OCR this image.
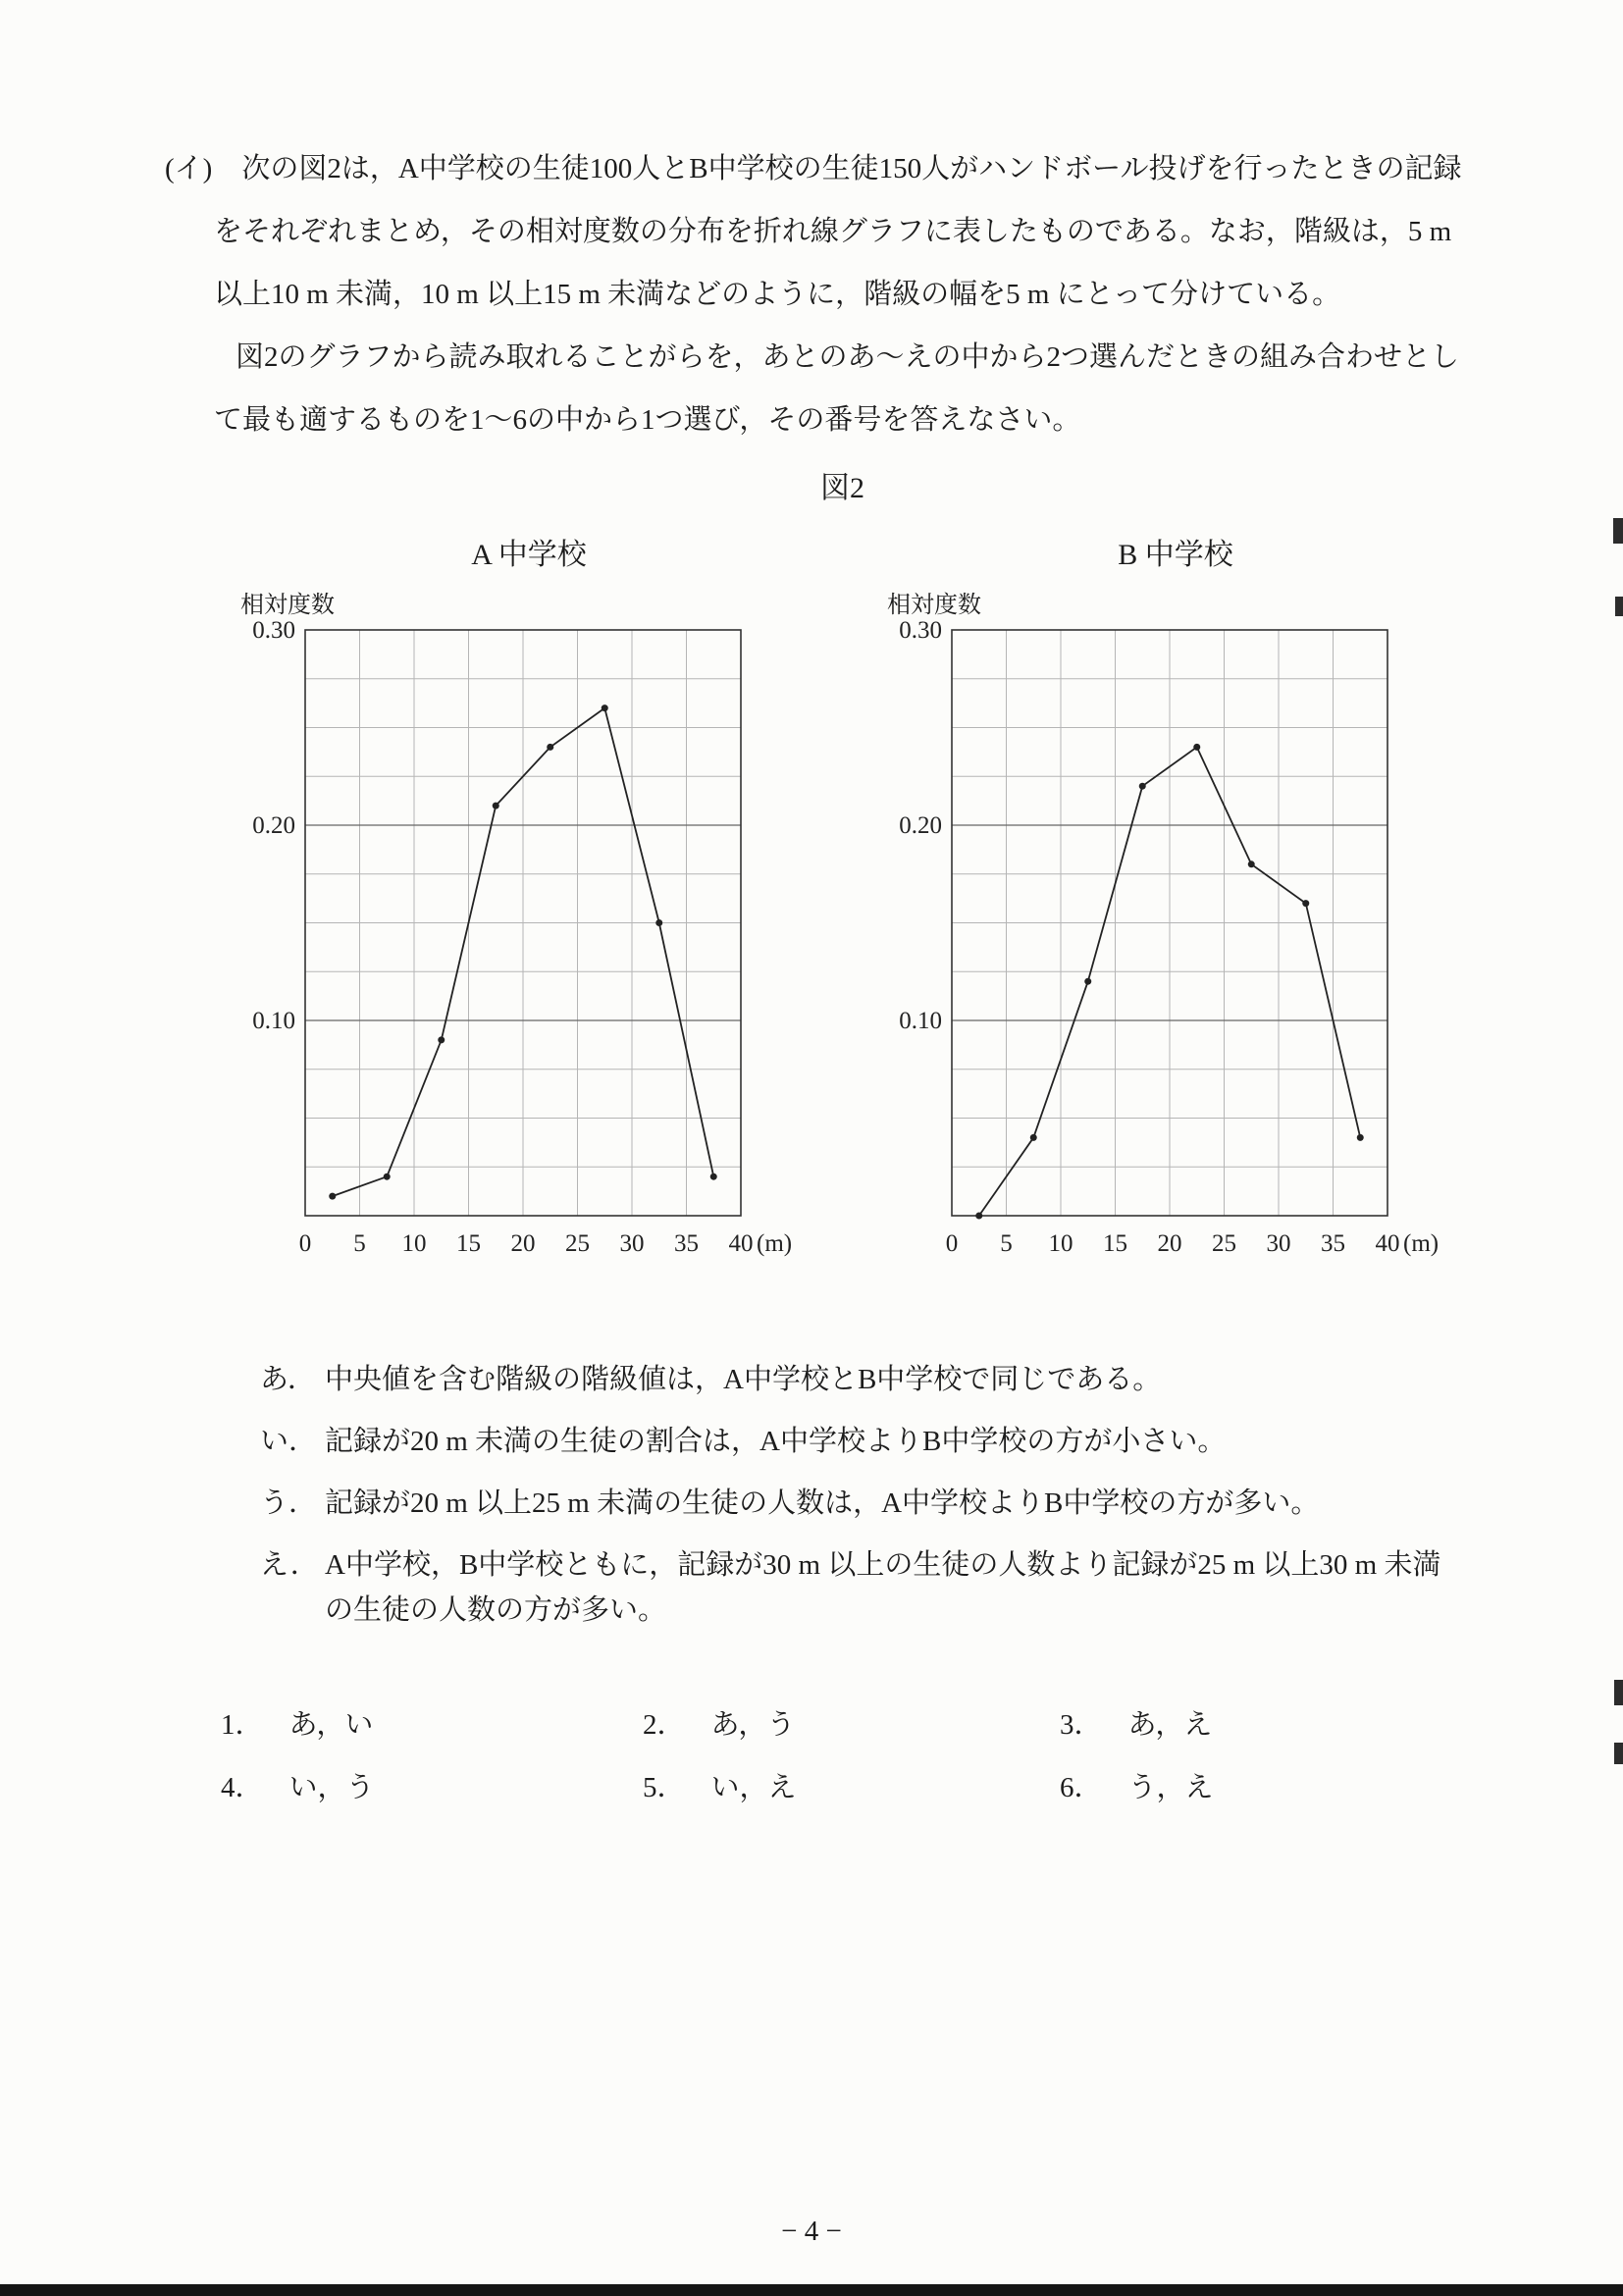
(イ) 次の図2は，A中学校の生徒100人とB中学校の生徒150人がハンドボール投げを行ったときの記録をそれぞれまとめ，その相対度数の分布を折れ線グラフに表したものである。なお，階級は，5 m 以上10 m 未満，10 m 以上15 m 未満などのように，階級の幅を5 m にとって分けている。

図2のグラフから読み取れることがらを，あとのあ～えの中から2つ選んだときの組み合わせとして最も適するものを1～6の中から1つ選び，その番号を答えなさい。

図2
A 中学校
相対度数
0.10
0.20
0.30
0 5 10 15 20 25 30 35 40 (m)
B 中学校
相対度数
0.10
0.20
0.30
0 5 10 15 20 25 30 35 40 (m)
あ． 中央値を含む階級の階級値は，A中学校とB中学校で同じである。
い． 記録が20 m 未満の生徒の割合は，A中学校よりB中学校の方が小さい。
う． 記録が20 m 以上25 m 未満の生徒の人数は，A中学校よりB中学校の方が多い。
え． A中学校，B中学校ともに，記録が30 m 以上の生徒の人数より記録が25 m 以上30 m 未満の生徒の人数の方が多い。
1． あ，い	2． あ，う	3． あ，え
4． い，う	5． い，え	6． う，え
− 4 −
